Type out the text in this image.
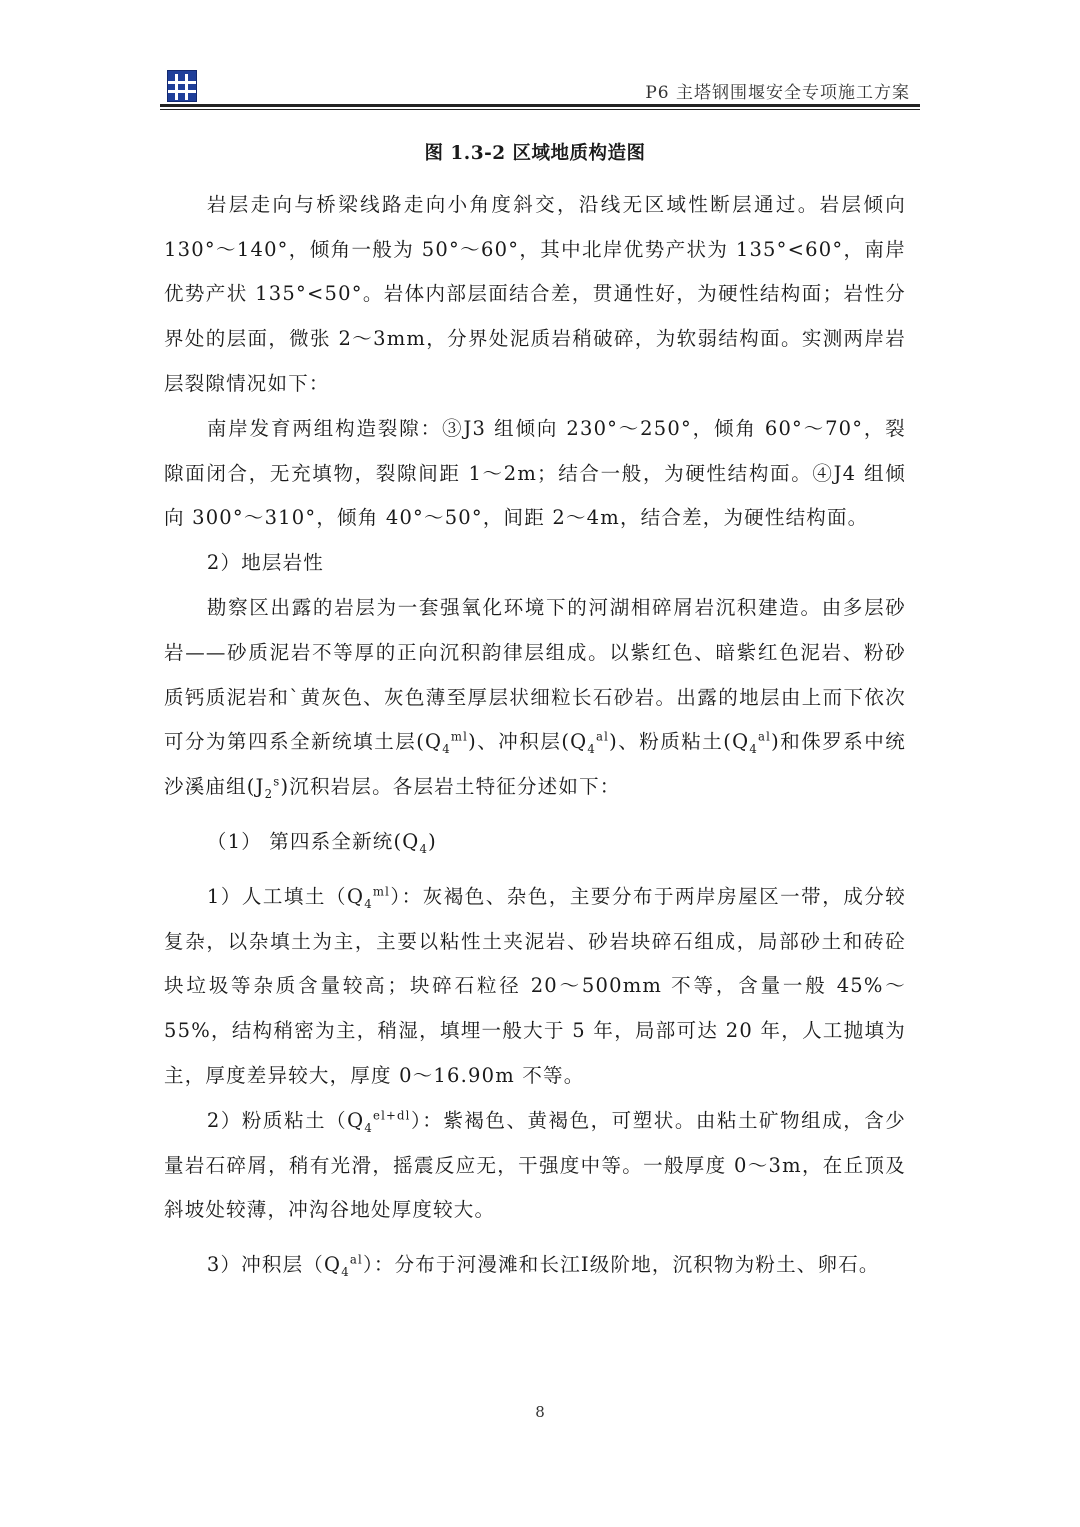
P6 主塔钢围堰安全专项施工方案
图 1.3-2 区域地质构造图

岩层走向与桥梁线路走向小角度斜交，沿线无区域性断层通过。岩层倾向 130°～140°，倾角一般为 50°～60°，其中北岸优势产状为 135°<60°，南岸优势产状 135°<50°。岩体内部层面结合差，贯通性好，为硬性结构面；岩性分界处的层面，微张 2～3mm，分界处泥质岩稍破碎，为软弱结构面。实测两岸岩层裂隙情况如下：

南岸发育两组构造裂隙：③J3 组倾向 230°～250°，倾角 60°～70°，裂隙面闭合，无充填物，裂隙间距 1～2m；结合一般，为硬性结构面。④J4 组倾向 300°～310°，倾角 40°～50°，间距 2～4m，结合差，为硬性结构面。

2）地层岩性

勘察区出露的岩层为一套强氧化环境下的河湖相碎屑岩沉积建造。由多层砂岩——砂质泥岩不等厚的正向沉积韵律层组成。以紫红色、暗紫红色泥岩、粉砂质钙质泥岩和`黄灰色、灰色薄至厚层状细粒长石砂岩。出露的地层由上而下依次可分为第四系全新统填土层$(Q_4^{ml})$、冲积层$(Q_4^{al})$、粉质粘土$(Q_4^{al})$和侏罗系中统沙溪庙组$(J_2^s)$沉积岩层。各层岩土特征分述如下：

（1） 第四系全新统$(Q_4)$

1）人工填土$(Q_4^{ml})$：灰褐色、杂色，主要分布于两岸房屋区一带，成分较复杂，以杂填土为主，主要以粘性土夹泥岩、砂岩块碎石组成，局部砂土和砖砼块垃圾等杂质含量较高；块碎石粒径 20～500mm 不等，含量一般 45%～55%，结构稍密为主，稍湿，填埋一般大于 5 年，局部可达 20 年，人工抛填为主，厚度差异较大，厚度 0～16.90m 不等。

2）粉质粘土$(Q_4^{el+dl})$：紫褐色、黄褐色，可塑状。由粘土矿物组成，含少量岩石碎屑，稍有光滑，摇震反应无，干强度中等。一般厚度 0～3m，在丘顶及斜坡处较薄，冲沟谷地处厚度较大。

3）冲积层$(Q_4^{al})$：分布于河漫滩和长江Ⅰ级阶地，沉积物为粉土、卵石。

8
